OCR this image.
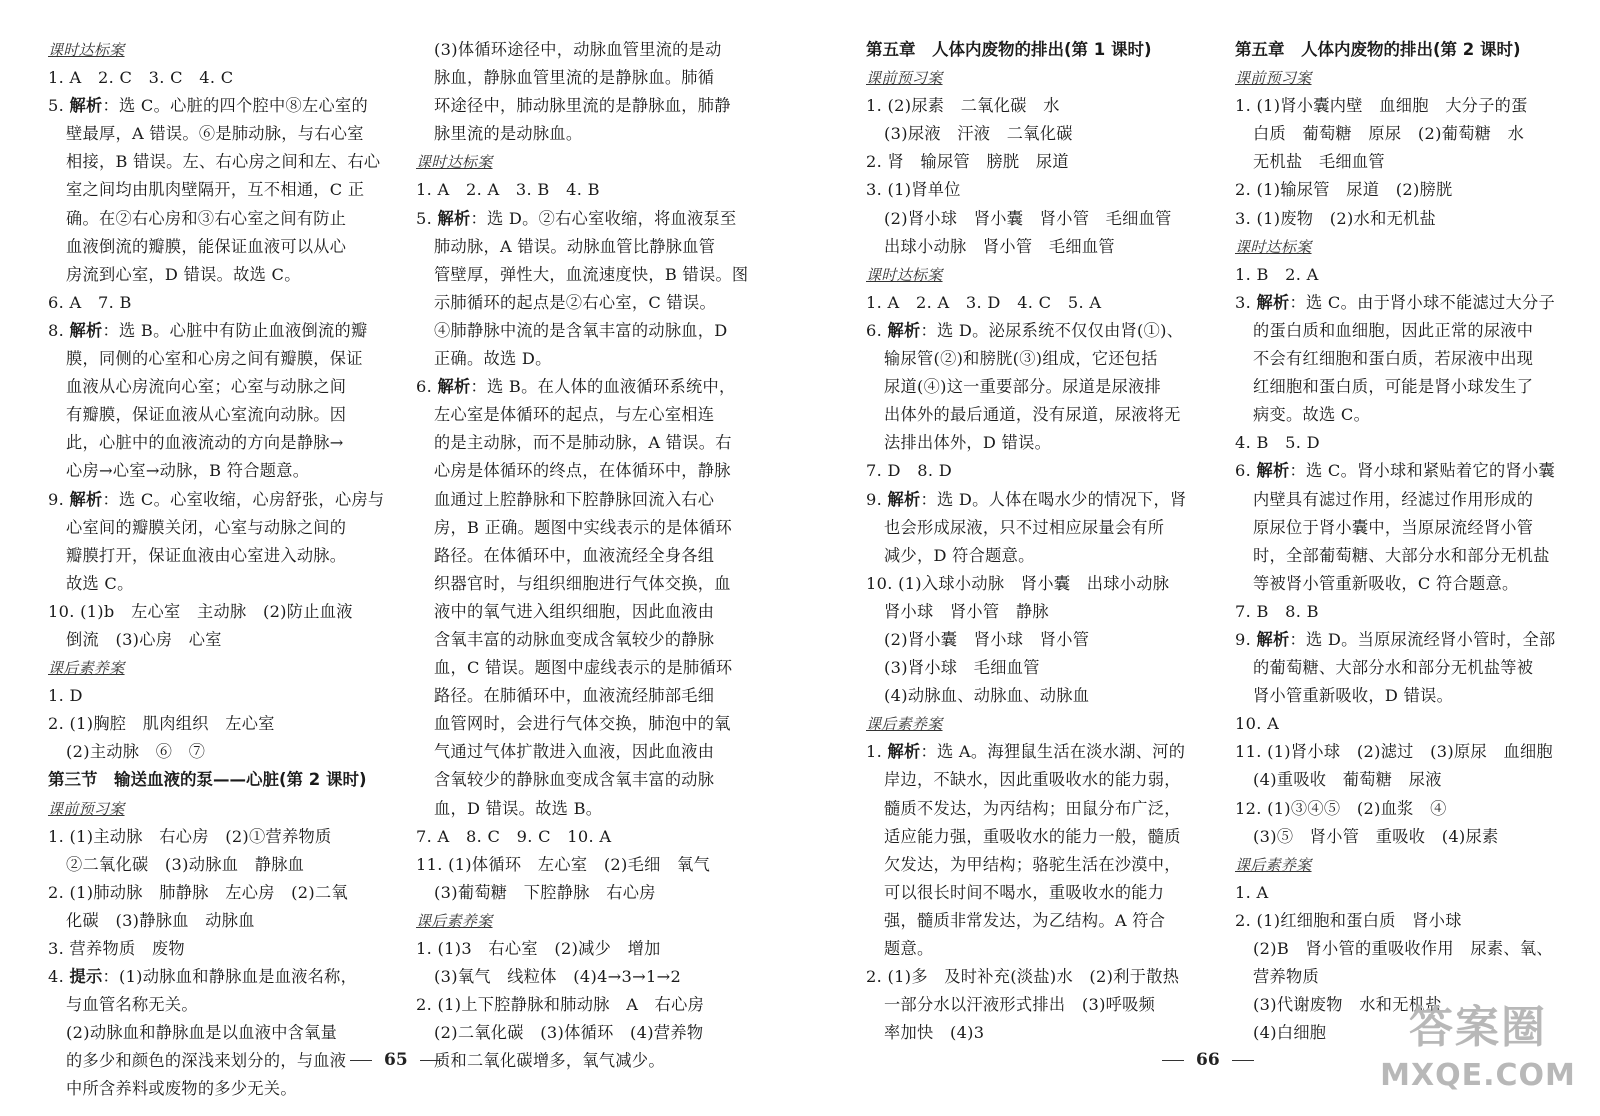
课时达标案
1. A　2. C　3. C　4. C
5. 解析：选 C。心脏的四个腔中⑧左心室的
壁最厚，A 错误。⑥是肺动脉，与右心室
相接，B 错误。左、右心房之间和左、右心
室之间均由肌肉壁隔开，互不相通，C 正
确。在②右心房和③右心室之间有防止
血液倒流的瓣膜，能保证血液可以从心
房流到心室，D 错误。故选 C。
6. A　7. B
8. 解析：选 B。心脏中有防止血液倒流的瓣
膜，同侧的心室和心房之间有瓣膜，保证
血液从心房流向心室；心室与动脉之间
有瓣膜，保证血液从心室流向动脉。因
此，心脏中的血液流动的方向是静脉→
心房→心室→动脉，B 符合题意。
9. 解析：选 C。心室收缩，心房舒张，心房与
心室间的瓣膜关闭，心室与动脉之间的
瓣膜打开，保证血液由心室进入动脉。
故选 C。
10. (1)b　左心室　主动脉　(2)防止血液
倒流　(3)心房　心室
课后素养案
1. D
2. (1)胸腔　肌肉组织　左心室
(2)主动脉　⑥　⑦
第三节　输送血液的泵——心脏(第 2 课时)
课前预习案
1. (1)主动脉　右心房　(2)①营养物质
②二氧化碳　(3)动脉血　静脉血
2. (1)肺动脉　肺静脉　左心房　(2)二氧
化碳　(3)静脉血　动脉血
3. 营养物质　废物
4. 提示：(1)动脉血和静脉血是血液名称，
与血管名称无关。
(2)动脉血和静脉血是以血液中含氧量
的多少和颜色的深浅来划分的，与血液
中所含养料或废物的多少无关。
(3)体循环途径中，动脉血管里流的是动
脉血，静脉血管里流的是静脉血。肺循
环途径中，肺动脉里流的是静脉血，肺静
脉里流的是动脉血。
课时达标案
1. A　2. A　3. B　4. B
5. 解析：选 D。②右心室收缩，将血液泵至
肺动脉，A 错误。动脉血管比静脉血管
管壁厚，弹性大，血流速度快，B 错误。图
示肺循环的起点是②右心室，C 错误。
④肺静脉中流的是含氧丰富的动脉血，D
正确。故选 D。
6. 解析：选 B。在人体的血液循环系统中，
左心室是体循环的起点，与左心室相连
的是主动脉，而不是肺动脉，A 错误。右
心房是体循环的终点，在体循环中，静脉
血通过上腔静脉和下腔静脉回流入右心
房，B 正确。题图中实线表示的是体循环
路径。在体循环中，血液流经全身各组
织器官时，与组织细胞进行气体交换，血
液中的氧气进入组织细胞，因此血液由
含氧丰富的动脉血变成含氧较少的静脉
血，C 错误。题图中虚线表示的是肺循环
路径。在肺循环中，血液流经肺部毛细
血管网时，会进行气体交换，肺泡中的氧
气通过气体扩散进入血液，因此血液由
含氧较少的静脉血变成含氧丰富的动脉
血，D 错误。故选 B。
7. A　8. C　9. C　10. A
11. (1)体循环　左心室　(2)毛细　氧气
(3)葡萄糖　下腔静脉　右心房
课后素养案
1. (1)3　右心室　(2)减少　增加
(3)氧气　线粒体　(4)4→3→1→2
2. (1)上下腔静脉和肺动脉　A　右心房
(2)二氧化碳　(3)体循环　(4)营养物
质和二氧化碳增多，氧气减少。
第五章　人体内废物的排出(第 1 课时)
课前预习案
1. (2)尿素　二氧化碳　水
(3)尿液　汗液　二氧化碳
2. 肾　输尿管　膀胱　尿道
3. (1)肾单位
(2)肾小球　肾小囊　肾小管　毛细血管
出球小动脉　肾小管　毛细血管
课时达标案
1. A　2. A　3. D　4. C　5. A
6. 解析：选 D。泌尿系统不仅仅由肾(①)、
输尿管(②)和膀胱(③)组成，它还包括
尿道(④)这一重要部分。尿道是尿液排
出体外的最后通道，没有尿道，尿液将无
法排出体外，D 错误。
7. D　8. D
9. 解析：选 D。人体在喝水少的情况下，肾
也会形成尿液，只不过相应尿量会有所
减少，D 符合题意。
10. (1)入球小动脉　肾小囊　出球小动脉
肾小球　肾小管　静脉
(2)肾小囊　肾小球　肾小管
(3)肾小球　毛细血管
(4)动脉血、动脉血、动脉血
课后素养案
1. 解析：选 A。海狸鼠生活在淡水湖、河的
岸边，不缺水，因此重吸收水的能力弱，
髓质不发达，为丙结构；田鼠分布广泛，
适应能力强，重吸收水的能力一般，髓质
欠发达，为甲结构；骆驼生活在沙漠中，
可以很长时间不喝水，重吸收水的能力
强，髓质非常发达，为乙结构。A 符合
题意。
2. (1)多　及时补充(淡盐)水　(2)利于散热
一部分水以汗液形式排出　(3)呼吸频
率加快　(4)3
第五章　人体内废物的排出(第 2 课时)
课前预习案
1. (1)肾小囊内壁　血细胞　大分子的蛋
白质　葡萄糖　原尿　(2)葡萄糖　水
无机盐　毛细血管
2. (1)输尿管　尿道　(2)膀胱
3. (1)废物　(2)水和无机盐
课时达标案
1. B　2. A
3. 解析：选 C。由于肾小球不能滤过大分子
的蛋白质和血细胞，因此正常的尿液中
不会有红细胞和蛋白质，若尿液中出现
红细胞和蛋白质，可能是肾小球发生了
病变。故选 C。
4. B　5. D
6. 解析：选 C。肾小球和紧贴着它的肾小囊
内壁具有滤过作用，经滤过作用形成的
原尿位于肾小囊中，当原尿流经肾小管
时，全部葡萄糖、大部分水和部分无机盐
等被肾小管重新吸收，C 符合题意。
7. B　8. B
9. 解析：选 D。当原尿流经肾小管时，全部
的葡萄糖、大部分水和部分无机盐等被
肾小管重新吸收，D 错误。
10. A
11. (1)肾小球　(2)滤过　(3)原尿　血细胞
(4)重吸收　葡萄糖　尿液
12. (1)③④⑤　(2)血浆　④
(3)⑤　肾小管　重吸收　(4)尿素
课后素养案
1. A
2. (1)红细胞和蛋白质　肾小球
(2)B　肾小管的重吸收作用　尿素、氧、
营养物质
(3)代谢废物　水和无机盐
(4)白细胞
65	66
答案圈
MXQE.COM
